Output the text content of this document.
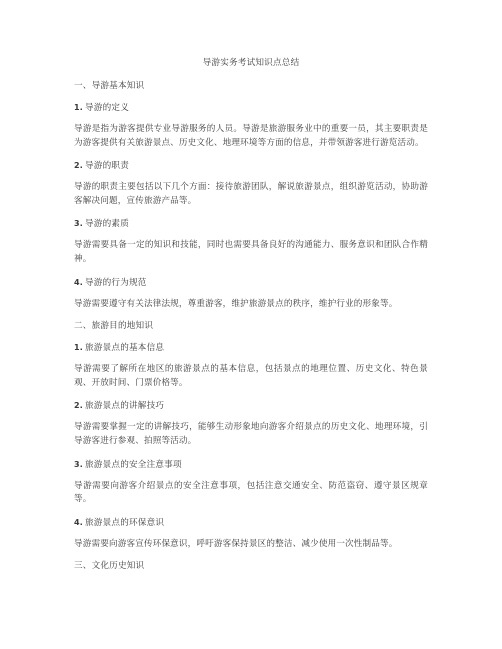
导游实务考试知识点总结
一、导游基本知识
1. 导游的定义
导游是指为游客提供专业导游服务的人员。导游是旅游服务业中的重要一员，其主要职责是为游客提供有关旅游景点、历史文化、地理环境等方面的信息，并带领游客进行游览活动。
2. 导游的职责
导游的职责主要包括以下几个方面：接待旅游团队，解说旅游景点，组织游览活动，协助游客解决问题，宣传旅游产品等。
3. 导游的素质
导游需要具备一定的知识和技能，同时也需要具备良好的沟通能力、服务意识和团队合作精神。
4. 导游的行为规范
导游需要遵守有关法律法规，尊重游客，维护旅游景点的秩序，维护行业的形象等。
二、旅游目的地知识
1. 旅游景点的基本信息
导游需要了解所在地区的旅游景点的基本信息，包括景点的地理位置、历史文化、特色景观、开放时间、门票价格等。
2. 旅游景点的讲解技巧
导游需要掌握一定的讲解技巧，能够生动形象地向游客介绍景点的历史文化、地理环境，引导游客进行参观、拍照等活动。
3. 旅游景点的安全注意事项
导游需要向游客介绍景点的安全注意事项，包括注意交通安全、防范盗窃、遵守景区规章等。
4. 旅游景点的环保意识
导游需要向游客宣传环保意识，呼吁游客保持景区的整洁、减少使用一次性制品等。
三、文化历史知识
